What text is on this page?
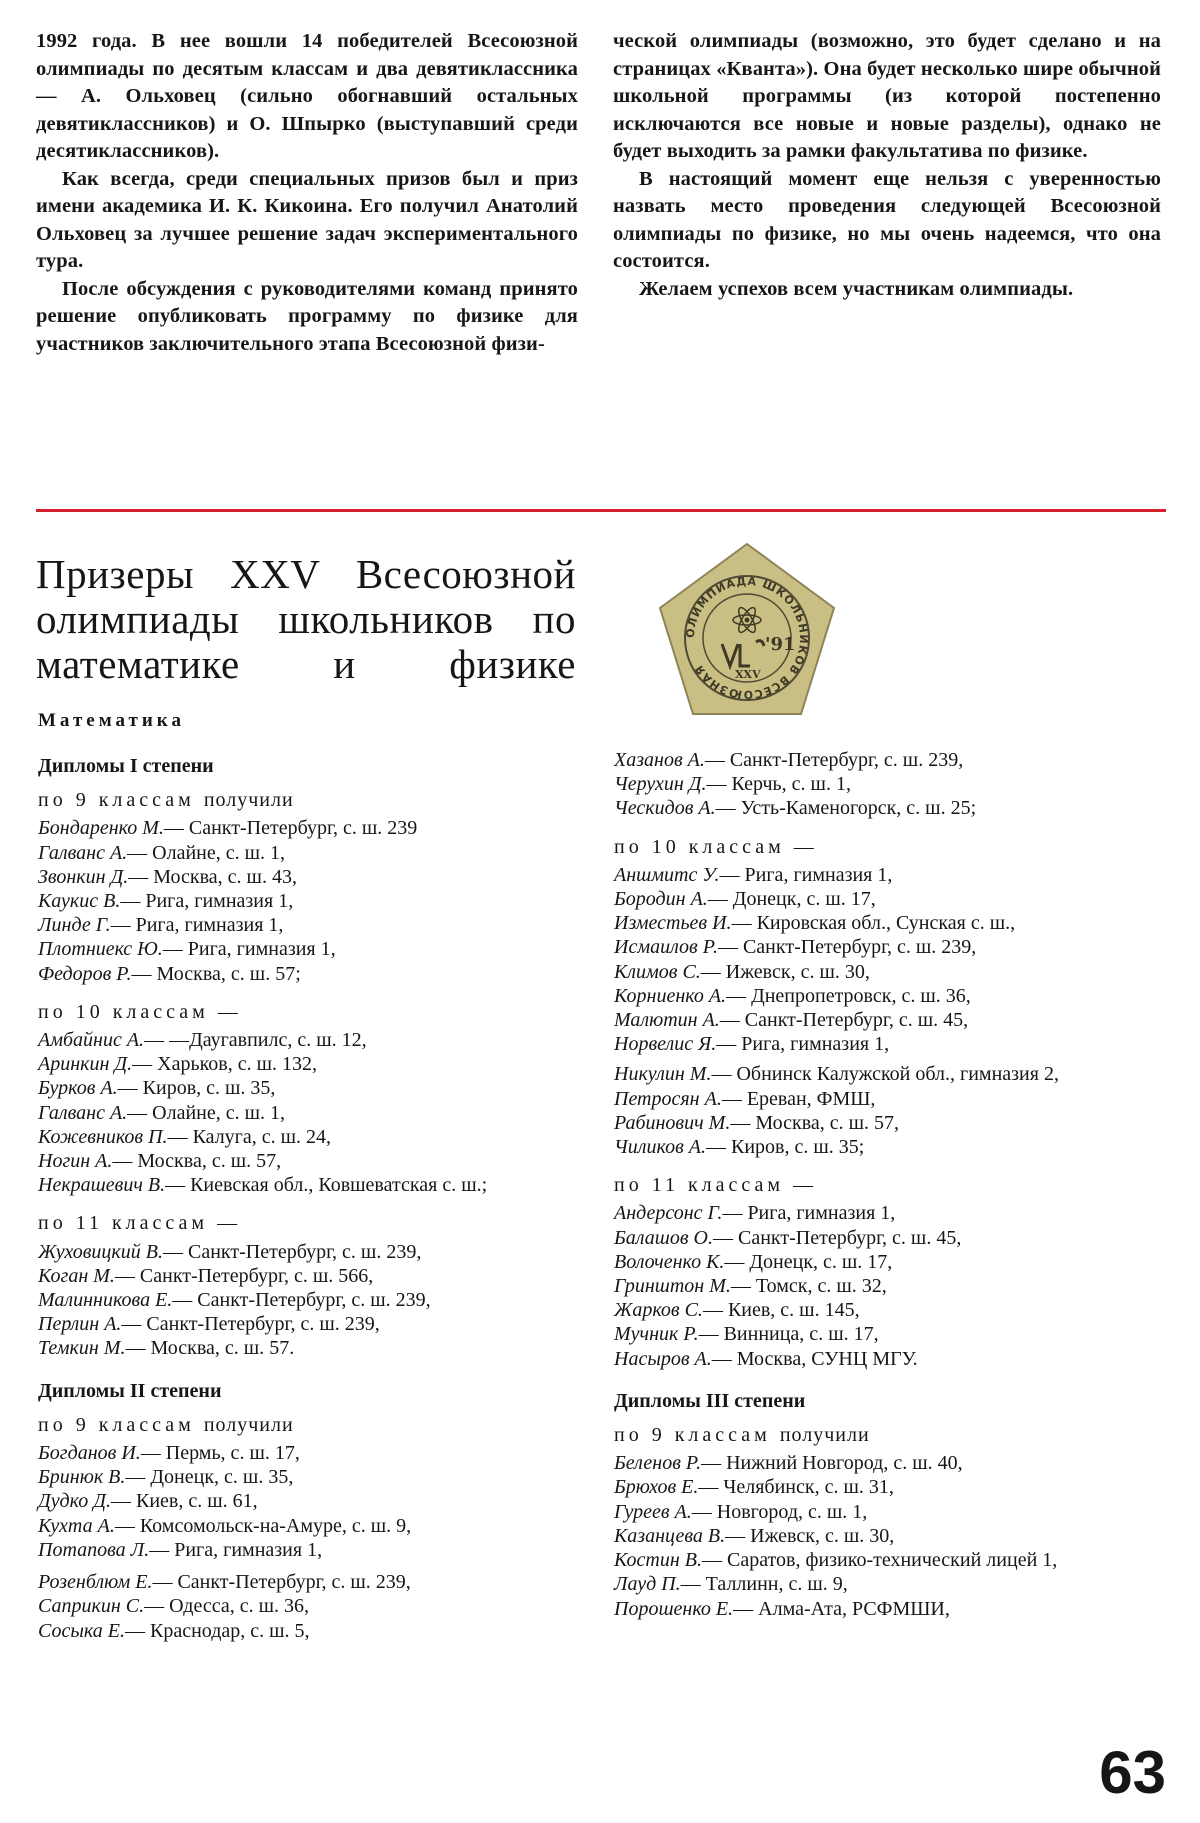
1992 года. В нее вошли 14 победителей Всесоюзной олимпиады по десятым классам и два девятиклассника — А. Ольховец (сильно обогнавший остальных девятиклассников) и О. Шпырко (выступавший среди десятиклассников).

Как всегда, среди специальных призов был и приз имени академика И. К. Кикоина. Его получил Анатолий Ольховец за лучшее решение задач экспериментального тура.

После обсуждения с руководителями команд принято решение опубликовать программу по физике для участников заключительного этапа Всесоюзной физи-

ческой олимпиады (возможно, это будет сделано и на страницах «Кванта»). Она будет несколько шире обычной школьной программы (из которой постепенно исключаются все новые и новые разделы), однако не будет выходить за рамки факультатива по физике.

В настоящий момент еще нельзя с уверенностью назвать место проведения следующей Всесоюзной олимпиады по физике, но мы очень надеемся, что она состоится.

Желаем успехов всем участникам олимпиады.

Призеры XXV Всесоюзной олимпиады школьников по математике и физике
ОЛИМПИАДА ШКОЛЬНИКОВ ВСЕСОЮЗНАЯ
'91
XXV
Математика
Дипломы I степени
по 9 классам получили

Бондаренко М.— Санкт-Петербург, с. ш. 239

Галванс А.— Олайне, с. ш. 1,

Звонкин Д.— Москва, с. ш. 43,

Каукис В.— Рига, гимназия 1,

Линде Г.— Рига, гимназия 1,

Плотниекс Ю.— Рига, гимназия 1,

Федоров Р.— Москва, с. ш. 57;

по 10 классам —

Амбайнис А.— —Даугавпилс, с. ш. 12,

Аринкин Д.— Харьков, с. ш. 132,

Бурков А.— Киров, с. ш. 35,

Галванс А.— Олайне, с. ш. 1,

Кожевников П.— Калуга, с. ш. 24,

Ногин А.— Москва, с. ш. 57,

Некрашевич В.— Киевская обл., Ковшеватская с. ш.;

по 11 классам —

Жуховицкий В.— Санкт-Петербург, с. ш. 239,

Коган М.— Санкт-Петербург, с. ш. 566,

Малинникова Е.— Санкт-Петербург, с. ш. 239,

Перлин А.— Санкт-Петербург, с. ш. 239,

Темкин М.— Москва, с. ш. 57.

Дипломы II степени
по 9 классам получили

Богданов И.— Пермь, с. ш. 17,

Бринюк В.— Донецк, с. ш. 35,

Дудко Д.— Киев, с. ш. 61,

Кухта А.— Комсомольск-на-Амуре, с. ш. 9,

Потапова Л.— Рига, гимназия 1,

Розенблюм Е.— Санкт-Петербург, с. ш. 239,

Саприкин С.— Одесса, с. ш. 36,

Сосыка Е.— Краснодар, с. ш. 5,

Хазанов А.— Санкт-Петербург, с. ш. 239,

Черухин Д.— Керчь, с. ш. 1,

Ческидов А.— Усть-Каменогорск, с. ш. 25;

по 10 классам —

Аншмитс У.— Рига, гимназия 1,

Бородин А.— Донецк, с. ш. 17,

Изместьев И.— Кировская обл., Сунская с. ш.,

Исмаилов Р.— Санкт-Петербург, с. ш. 239,

Климов С.— Ижевск, с. ш. 30,

Корниенко А.— Днепропетровск, с. ш. 36,

Малютин А.— Санкт-Петербург, с. ш. 45,

Норвелис Я.— Рига, гимназия 1,

Никулин М.— Обнинск Калужской обл., гимназия 2,

Петросян А.— Ереван, ФМШ,

Рабинович М.— Москва, с. ш. 57,

Чиликов А.— Киров, с. ш. 35;

по 11 классам —

Андерсонс Г.— Рига, гимназия 1,

Балашов О.— Санкт-Петербург, с. ш. 45,

Волоченко К.— Донецк, с. ш. 17,

Гринштон М.— Томск, с. ш. 32,

Жарков С.— Киев, с. ш. 145,

Мучник Р.— Винница, с. ш. 17,

Насыров А.— Москва, СУНЦ МГУ.

Дипломы III степени
по 9 классам получили

Беленов Р.— Нижний Новгород, с. ш. 40,

Брюхов Е.— Челябинск, с. ш. 31,

Гуреев А.— Новгород, с. ш. 1,

Казанцева В.— Ижевск, с. ш. 30,

Костин В.— Саратов, физико-технический лицей 1,

Лауд П.— Таллинн, с. ш. 9,

Порошенко Е.— Алма-Ата, РСФМШИ,

63
